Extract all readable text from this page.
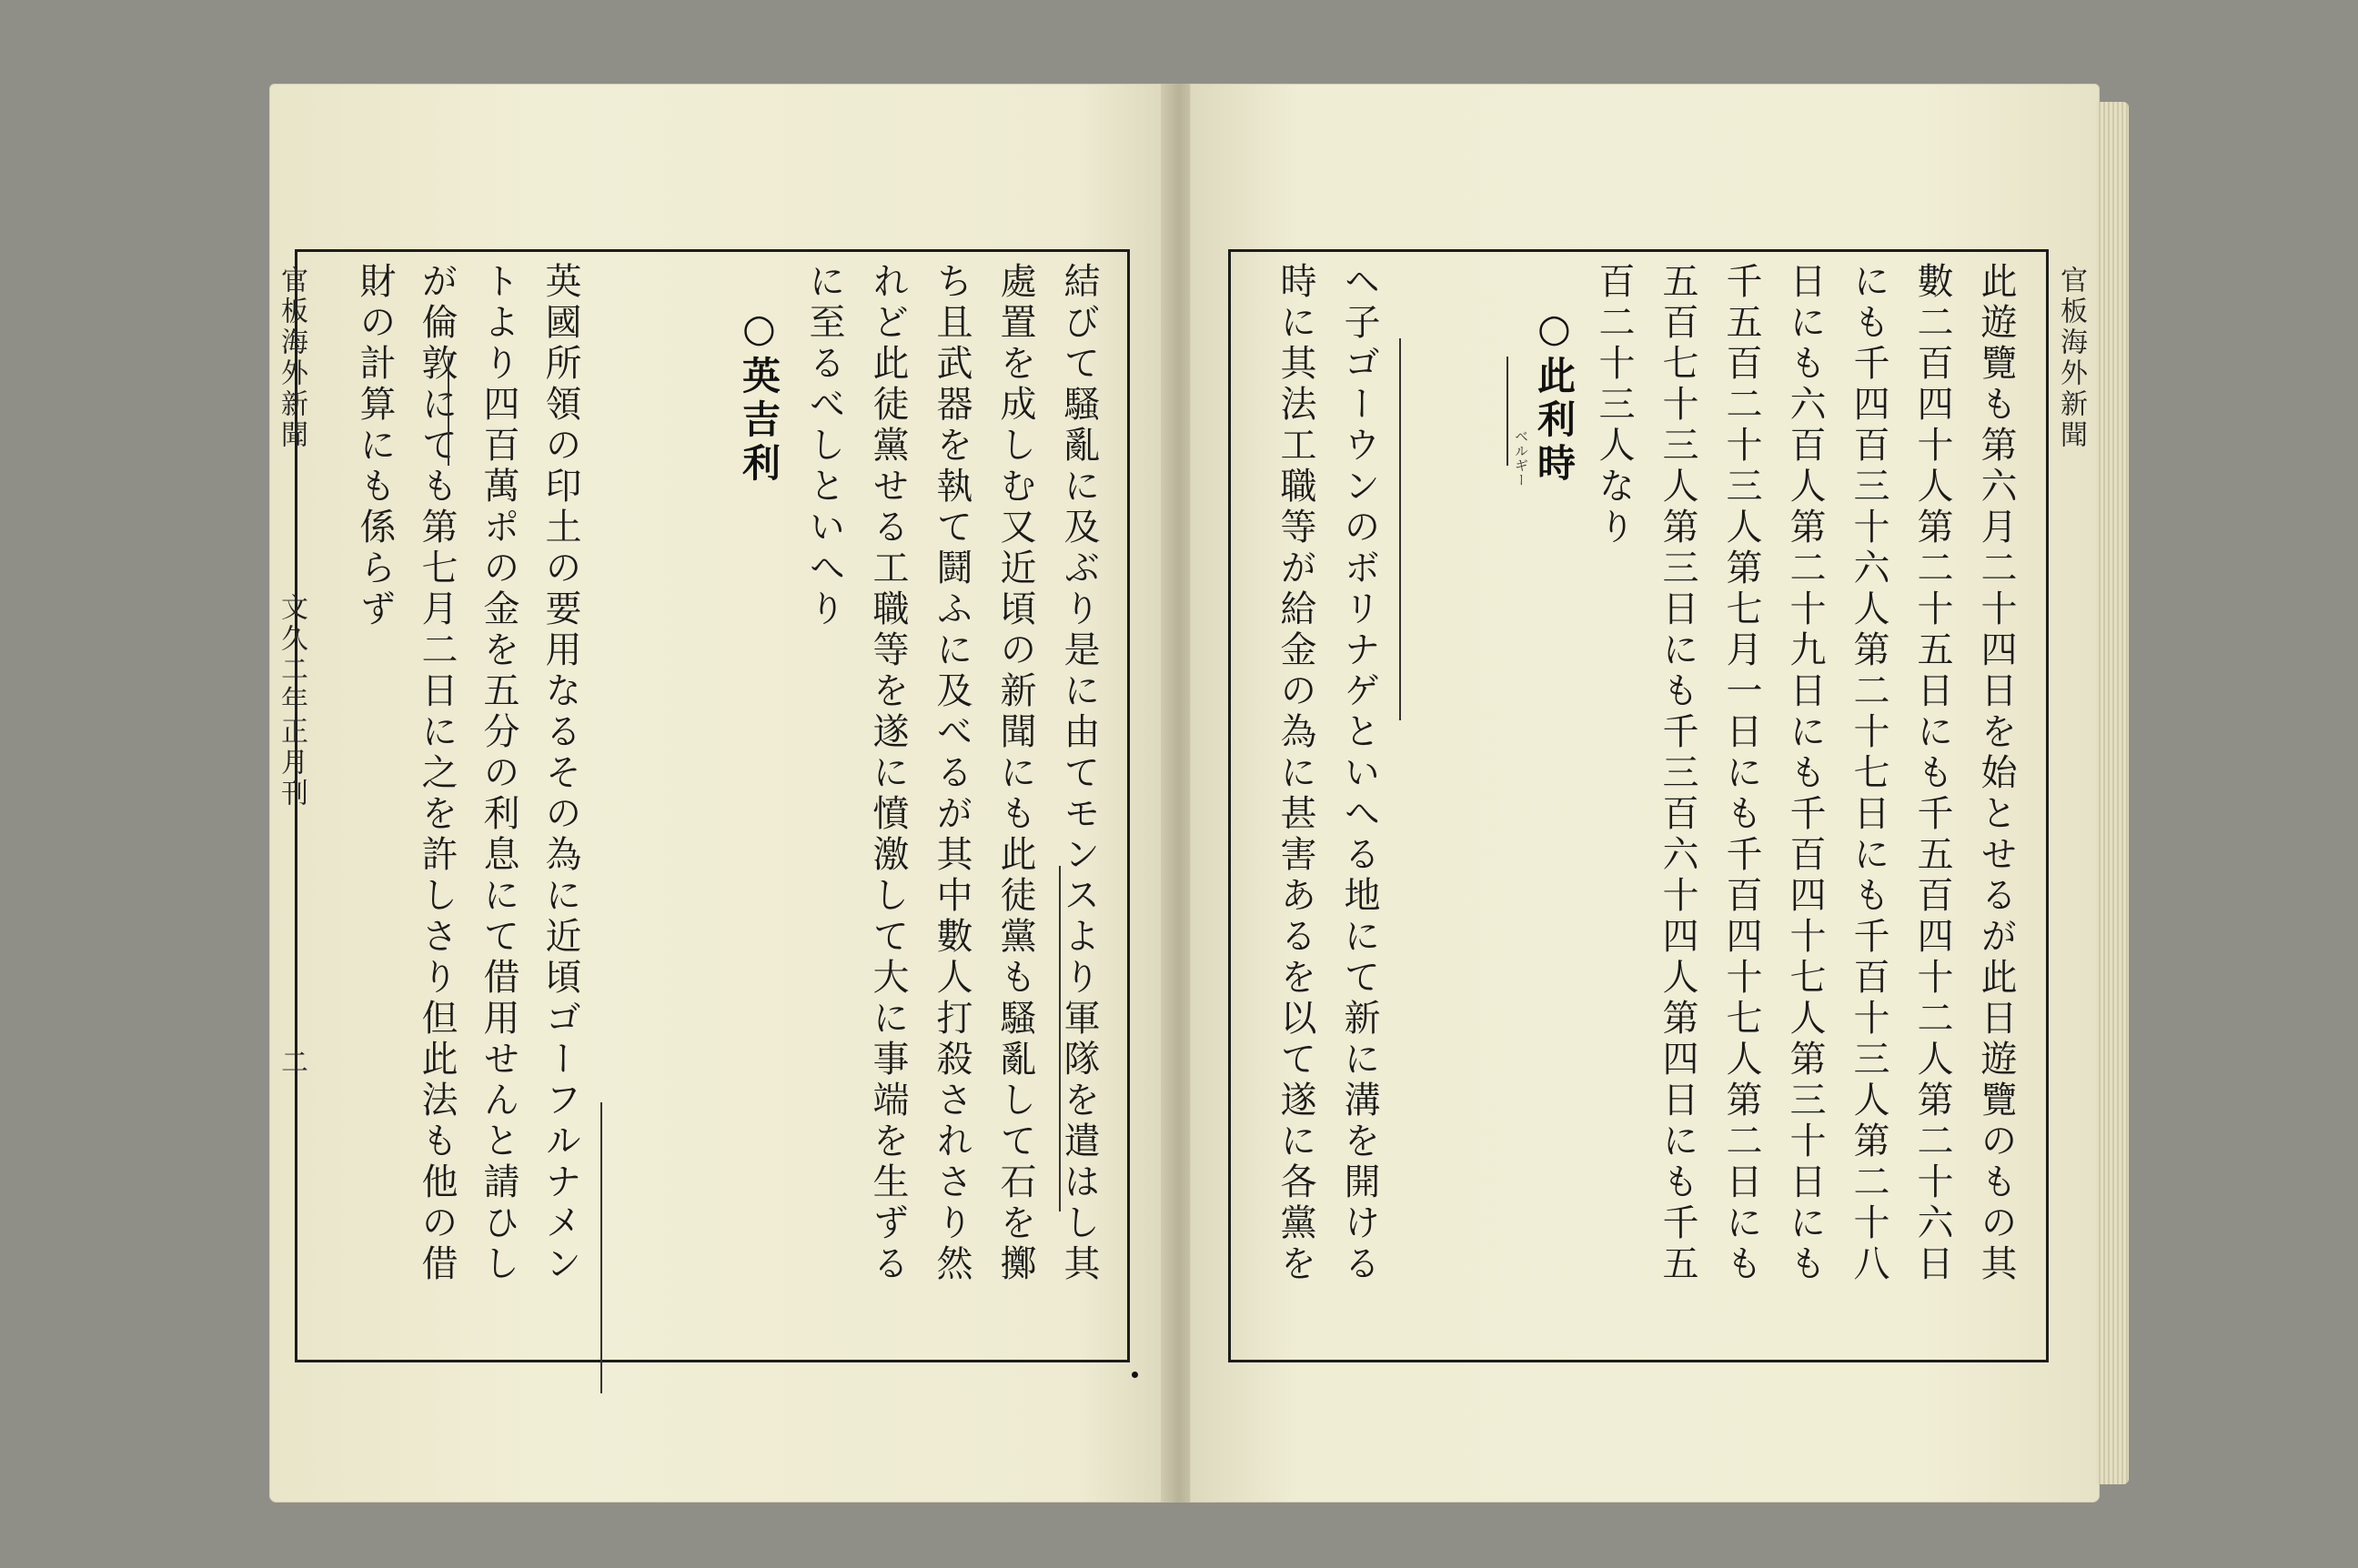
官板海外新聞
文久二年正月刊
二	結びて騷亂に及ぶり是に由てモンスより軍隊を遣はし其
處置を成しむ又近頃の新聞にも此徒黨も騷亂して石を擲
ち且武器を執て鬪ふに及べるが其中數人打殺されさり然
れど此徒黨せる工職等を遂に憤激して大に事端を生ずる
に至るべしといへり
○英吉利
英國所領の印土の要用なるその為に近頃ゴーフルナメン
トより四百萬ポの金を五分の利息にて借用せんと請ひし
が倫敦にても第七月二日に之を許しさり但此法も他の借
財の計算にも係らず	官板海外新聞
此遊覽も第六月二十四日を始とせるが此日遊覽のもの其
數二百四十人第二十五日にも千五百四十二人第二十六日
にも千四百三十六人第二十七日にも千百十三人第二十八
日にも六百人第二十九日にも千百四十七人第三十日にも
千五百二十三人第七月一日にも千百四十七人第二日にも
五百七十三人第三日にも千三百六十四人第四日にも千五
百二十三人なり
○此利時
ベルギー
ヘ子ゴーウンのボリナゲといへる地にて新に溝を開ける
時に其法工職等が給金の為に甚害あるを以て遂に各黨を
